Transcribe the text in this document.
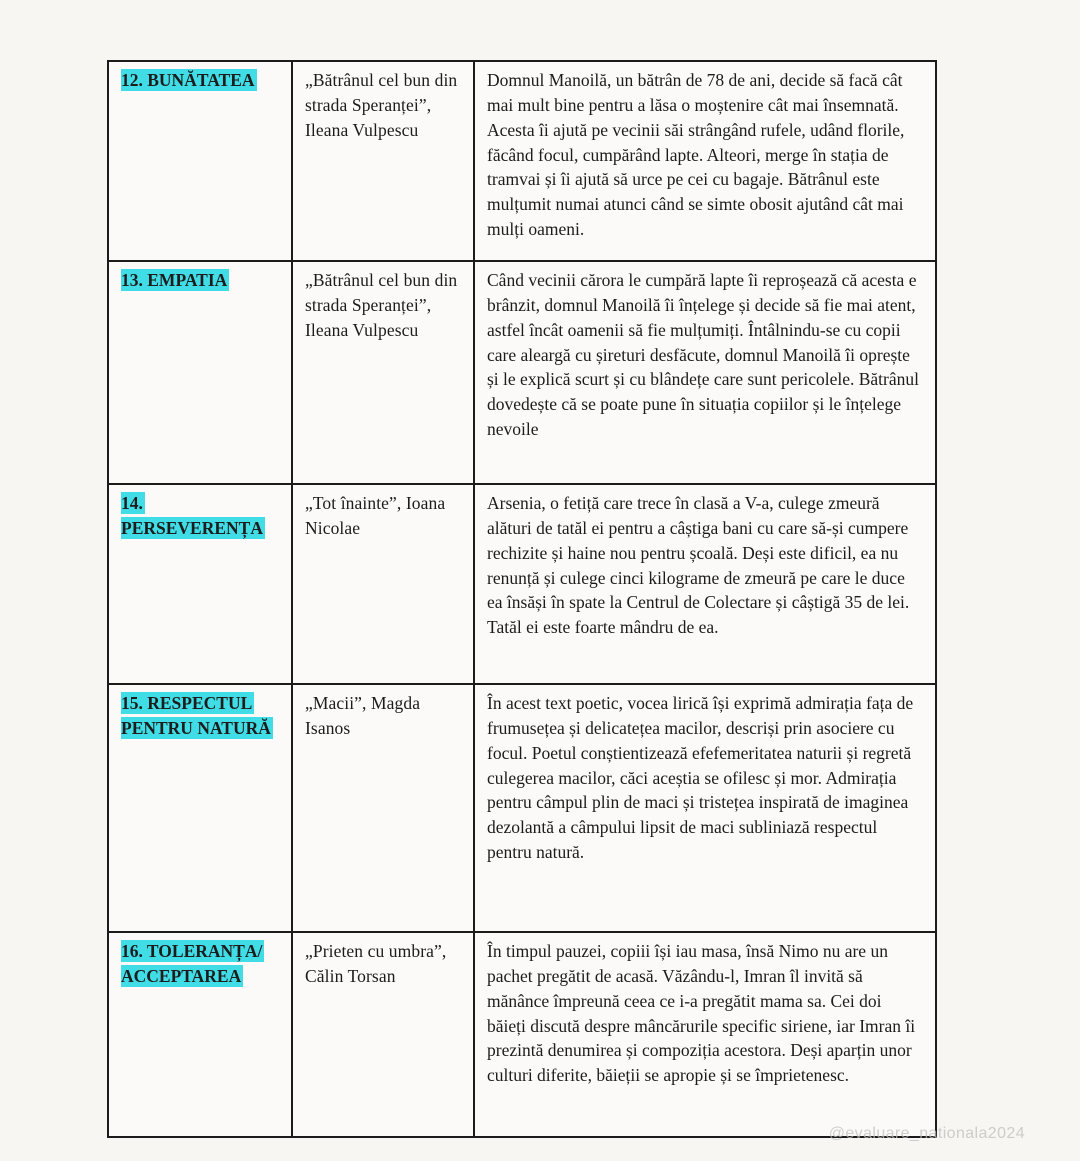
12. BUNĂTATEA	„Bătrânul cel bun din strada Speranței”, Ileana Vulpescu	Domnul Manoilă, un bătrân de 78 de ani, decide să facă cât mai mult bine pentru a lăsa o moștenire cât mai însemnată. Acesta îi ajută pe vecinii săi strângând rufele, udând florile, făcând focul, cumpărând lapte. Alteori, merge în stația de tramvai și îi ajută să urce pe cei cu bagaje. Bătrânul este mulțumit numai atunci când se simte obosit ajutând cât mai mulți oameni.
13. EMPATIA	„Bătrânul cel bun din strada Speranței”, Ileana Vulpescu	Când vecinii cărora le cumpără lapte îi reproșează că acesta e brânzit, domnul Manoilă îi înțelege și decide să fie mai atent, astfel încât oamenii să fie mulțumiți. Întâlnindu-se cu copii care aleargă cu șireturi desfăcute, domnul Manoilă îi oprește și le explică scurt și cu blândețe care sunt pericolele. Bătrânul dovedește că se poate pune în situația copiilor și le înțelege nevoile
14. PERSEVERENȚA	„Tot înainte”, Ioana Nicolae	Arsenia, o fetiță care trece în clasă a V-a, culege zmeură alături de tatăl ei pentru a câștiga bani cu care să-și cumpere rechizite și haine nou pentru școală. Deși este dificil, ea nu renunță și culege cinci kilograme de zmeură pe care le duce ea însăși în spate la Centrul de Colectare și câștigă 35 de lei. Tatăl ei este foarte mândru de ea.
15. RESPECTUL PENTRU NATURĂ	„Macii”, Magda Isanos	În acest text poetic, vocea lirică își exprimă admirația fața de frumusețea și delicatețea macilor, descriși prin asociere cu focul. Poetul conștientizează efefemeritatea naturii și regretă culegerea macilor, căci aceștia se ofilesc și mor. Admirația pentru câmpul plin de maci și tristețea inspirată de imaginea dezolantă a câmpului lipsit de maci subliniază respectul pentru natură.
16. TOLERANȚA/ ACCEPTAREA	„Prieten cu umbra”, Călin Torsan	În timpul pauzei, copiii își iau masa, însă Nimo nu are un pachet pregătit de acasă. Văzându-l, Imran îl invită să mănânce împreună ceea ce i-a pregătit mama sa. Cei doi băieți discută despre mâncărurile specific siriene, iar Imran îi prezintă denumirea și compoziția acestora. Deși aparțin unor culturi diferite, băieții se apropie și se împrietenesc.
@evaluare_nationala2024
